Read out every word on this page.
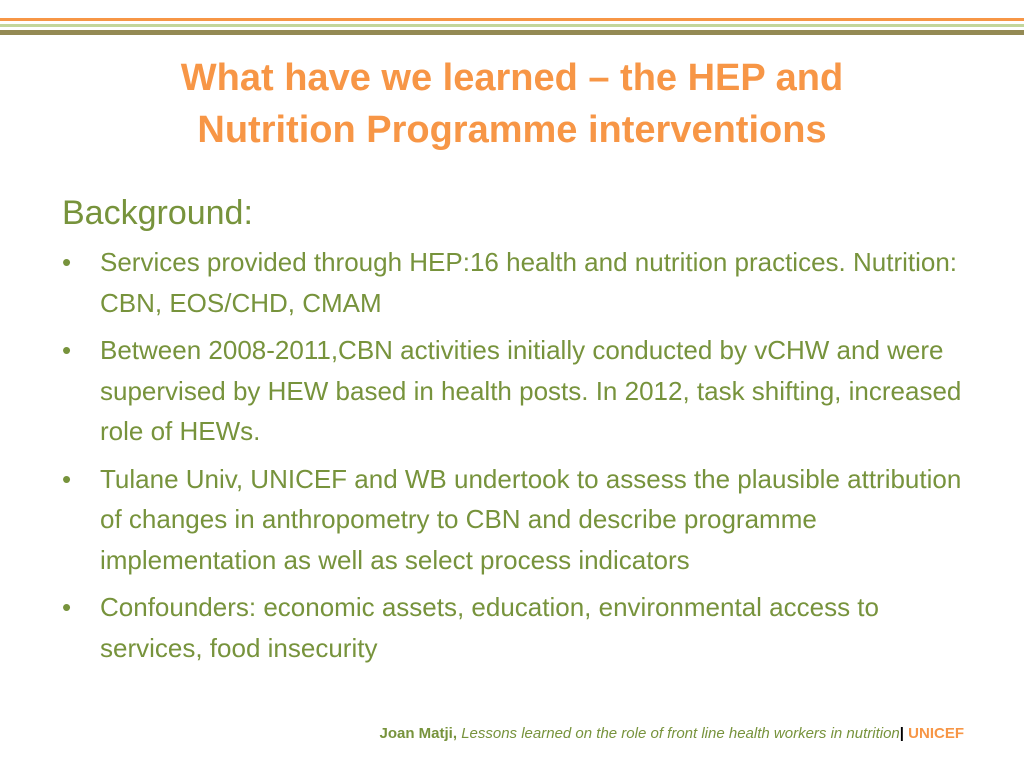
What have we learned – the HEP and
Nutrition Programme interventions

Background:

•	Services provided through HEP:16 health and nutrition practices. Nutrition: CBN, EOS/CHD, CMAM
•	Between 2008-2011,CBN activities initially conducted by vCHW and were supervised by HEW based in health posts. In 2012, task shifting, increased role of HEWs.
•	Tulane Univ, UNICEF and WB undertook to assess the plausible attribution of changes in anthropometry to CBN and describe programme implementation as well as select process indicators
•	Confounders: economic assets, education, environmental access to services, food insecurity
Joan Matji, Lessons learned on the role of front line health workers in nutrition| UNICEF
